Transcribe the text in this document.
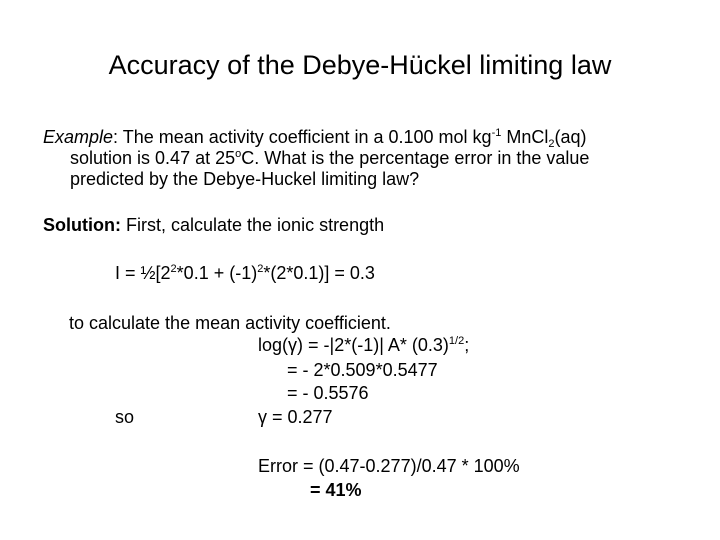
Accuracy of the Debye-Hückel limiting law
Example: The mean activity coefficient in a 0.100 mol $kg^{-1}$ MnCl$_2$(aq)
solution is 0.47 at 25$^o$C. What is the percentage error in the value
predicted by the Debye-Huckel limiting law?
Solution: First, calculate the ionic strength
$I = \frac{1}{2}[2^2*0.1 + (-1)^2*(2*0.1)] = 0.3$
to calculate the mean activity coefficient.
log(γ) = -|2*(-1)| A* $(0.3)^{1/2}$;
= - 2*0.509*0.5477
= - 0.5576
so	γ = 0.277
Error = (0.47-0.277)/0.47 * 100%
= 41%
